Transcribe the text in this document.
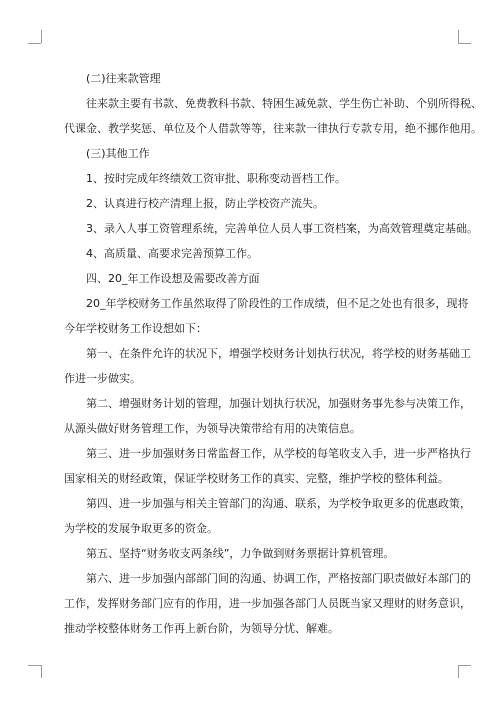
(二)往来款管理

往来款主要有书款、免费教科书款、特困生减免款、学生伤亡补助、个别所得税、

代课金、教学奖惩、单位及个人借款等等，往来款一律执行专款专用，绝不挪作他用。

(三)其他工作

1、按时完成年终绩效工资审批、职称变动晋档工作。

2、认真进行校产清理上报，防止学校资产流失。

3、录入人事工资管理系统，完善单位人员人事工资档案，为高效管理奠定基础。

4、高质量、高要求完善预算工作。

四、20_年工作设想及需要改善方面

20_年学校财务工作虽然取得了阶段性的工作成绩，但不足之处也有很多，现将

今年学校财务工作设想如下：

第一、在条件允许的状况下，增强学校财务计划执行状况，将学校的财务基础工

作进一步做实。

第二、增强财务计划的管理，加强计划执行状况，加强财务事先参与决策工作，

从源头做好财务管理工作，为领导决策带给有用的决策信息。

第三、进一步加强财务日常监督工作，从学校的每笔收支入手，进一步严格执行

国家相关的财经政策，保证学校财务工作的真实、完整，维护学校的整体利益。

第四、进一步加强与相关主管部门的沟通、联系，为学校争取更多的优惠政策，

为学校的发展争取更多的资金。

第五、坚持“财务收支两条线”，力争做到财务票据计算机管理。

第六、进一步加强内部部门间的沟通、协调工作，严格按部门职责做好本部门的

工作，发挥财务部门应有的作用，进一步加强各部门人员既当家又理财的财务意识，

推动学校整体财务工作再上新台阶，为领导分忧、解难。
